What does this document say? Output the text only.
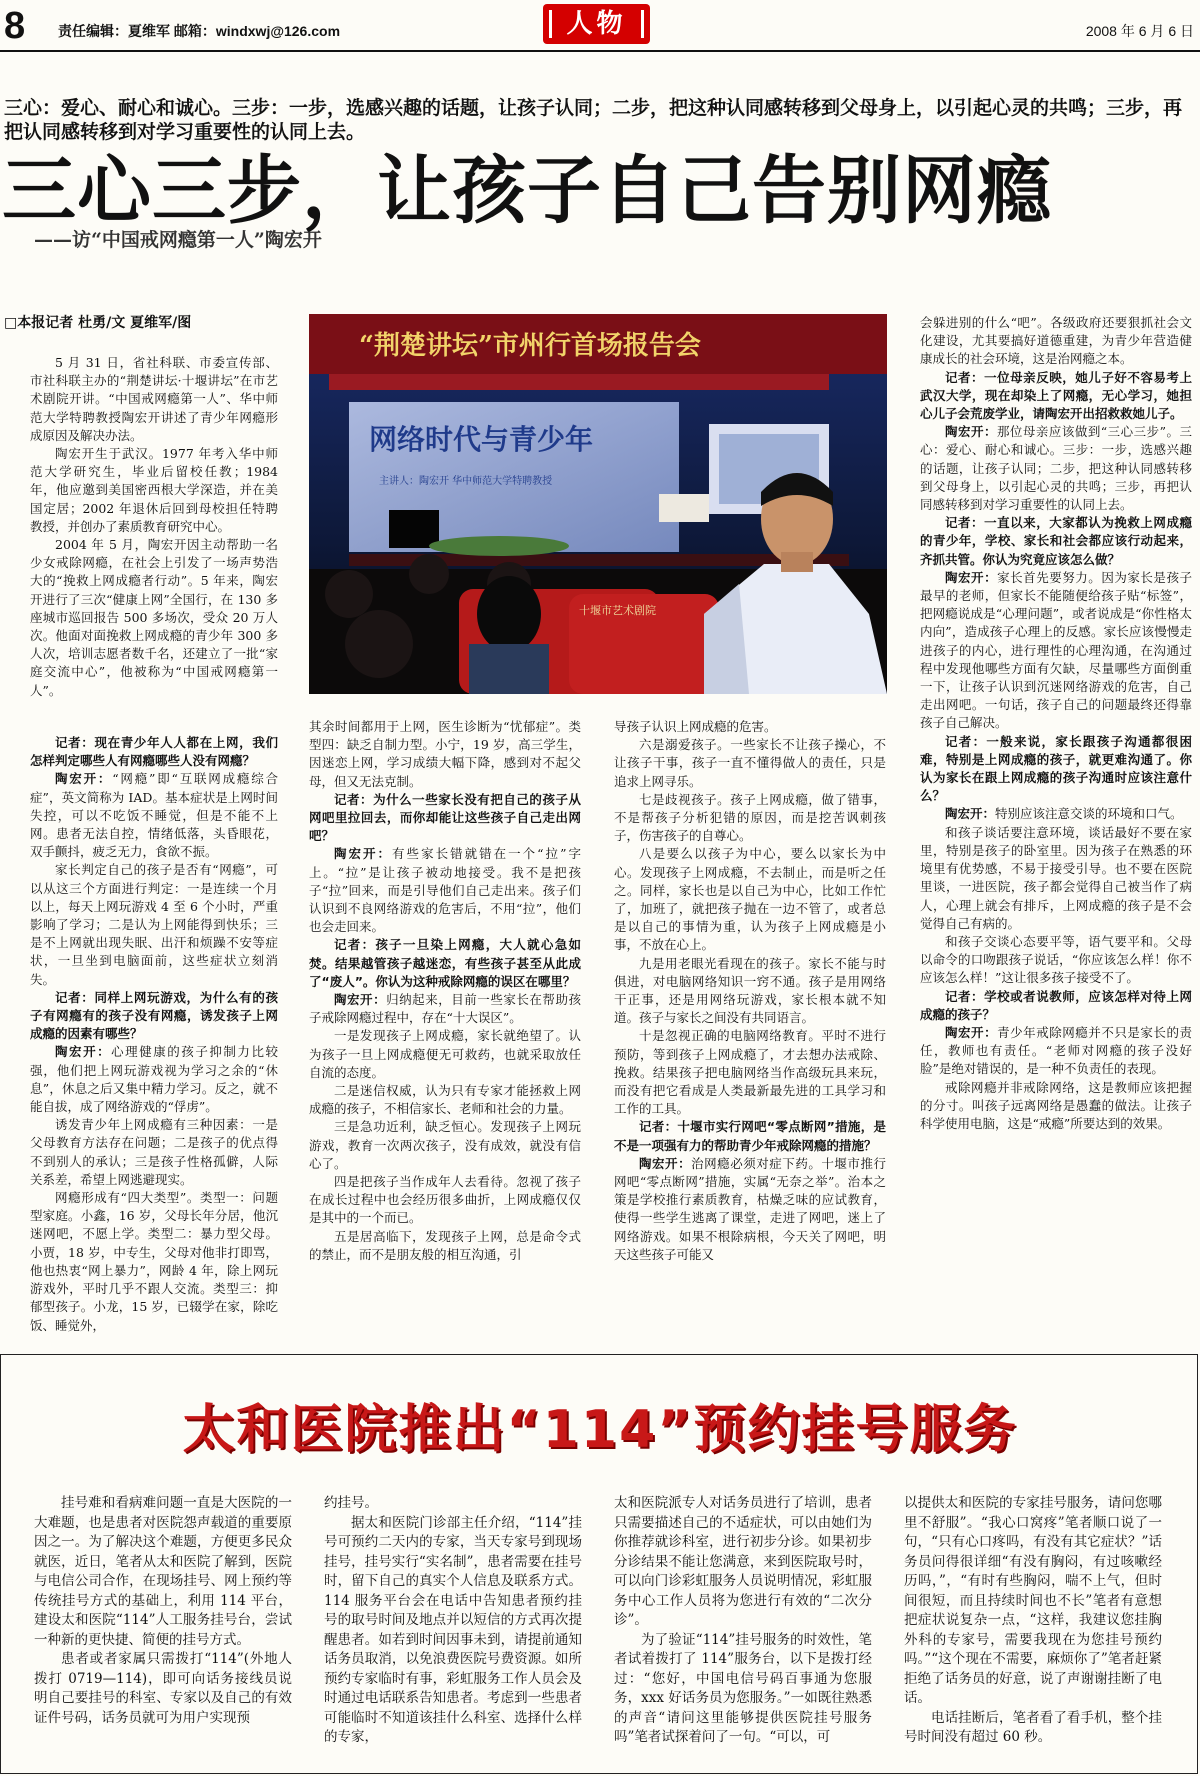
8 责任编辑：夏维军 邮箱：windxwj@126.com	人物	2008 年 6 月 6 日
三心：爱心、耐心和诚心。三步：一步，选感兴趣的话题，让孩子认同；二步，把这种认同感转移到父母身上，以引起心灵的共鸣；三步，再把认同感转移到对学习重要性的认同上去。
三心三步，让孩子自己告别网瘾
——访“中国戒网瘾第一人”陶宏开
□本报记者 杜勇/文 夏维军/图
“荆楚讲坛”市州行首场报告会
网络时代与青少年
主讲人：陶宏开 华中师范大学特聘教授
十堰市艺术剧院

5 月 31 日，省社科联、市委宣传部、市社科联主办的“荆楚讲坛·十堰讲坛”在市艺术剧院开讲。“中国戒网瘾第一人”、华中师范大学特聘教授陶宏开讲述了青少年网瘾形成原因及解决办法。

陶宏开生于武汉。1977 年考入华中师范大学研究生，毕业后留校任教；1984 年，他应邀到美国密西根大学深造，并在美国定居；2002 年退休后回到母校担任特聘教授，并创办了素质教育研究中心。

2004 年 5 月，陶宏开因主动帮助一名少女戒除网瘾，在社会上引发了一场声势浩大的“挽救上网成瘾者行动”。5 年来，陶宏开进行了三次“健康上网”全国行，在 130 多座城市巡回报告 500 多场次，受众 20 万人次。他面对面挽救上网成瘾的青少年 300 多人次，培训志愿者数千名，还建立了一批“家庭交流中心”，他被称为“中国戒网瘾第一人”。

记者：现在青少年人人都在上网，我们怎样判定哪些人有网瘾哪些人没有网瘾？

陶宏开：“网瘾”即“互联网成瘾综合症”，英文简称为 IAD。基本症状是上网时间失控，可以不吃饭不睡觉，但是不能不上网。患者无法自控，情绪低落，头昏眼花，双手颤抖，疲乏无力，食欲不振。

家长判定自己的孩子是否有“网瘾”，可以从这三个方面进行判定：一是连续一个月以上，每天上网玩游戏 4 至 6 个小时，严重影响了学习；二是认为上网能得到快乐；三是不上网就出现失眠、出汗和烦躁不安等症状，一旦坐到电脑面前，这些症状立刻消失。

记者：同样上网玩游戏，为什么有的孩子有网瘾有的孩子没有网瘾，诱发孩子上网成瘾的因素有哪些？

陶宏开：心理健康的孩子抑制力比较强，他们把上网玩游戏视为学习之余的“休息”，休息之后又集中精力学习。反之，就不能自拔，成了网络游戏的“俘虏”。

诱发青少年上网成瘾有三种因素：一是父母教育方法存在问题；二是孩子的优点得不到别人的承认；三是孩子性格孤僻，人际关系差，希望上网逃避现实。

网瘾形成有“四大类型”。类型一：问题型家庭。小鑫，16 岁，父母长年分居，他沉迷网吧，不愿上学。类型二：暴力型父母。小贾，18 岁，中专生，父母对他非打即骂，他也热衷“网上暴力”，网龄 4 年，除上网玩游戏外，平时几乎不跟人交流。类型三：抑郁型孩子。小龙，15 岁，已辍学在家，除吃饭、睡觉外，

其余时间都用于上网，医生诊断为“忧郁症”。类型四：缺乏自制力型。小宁，19 岁，高三学生，因迷恋上网，学习成绩大幅下降，感到对不起父母，但又无法克制。

记者：为什么一些家长没有把自己的孩子从网吧里拉回去，而你却能让这些孩子自己走出网吧？

陶宏开：有些家长错就错在一个“拉”字上。“拉”是让孩子被动地接受。我不是把孩子“拉”回来，而是引导他们自己走出来。孩子们认识到不良网络游戏的危害后，不用“拉”，他们也会走回来。

记者：孩子一旦染上网瘾，大人就心急如焚。结果越管孩子越迷恋，有些孩子甚至从此成了“废人”。你认为这种戒除网瘾的误区在哪里？

陶宏开：归纳起来，目前一些家长在帮助孩子戒除网瘾过程中，存在“十大误区”。

一是发现孩子上网成瘾，家长就绝望了。认为孩子一旦上网成瘾便无可救药，也就采取放任自流的态度。

二是迷信权威，认为只有专家才能拯救上网成瘾的孩子，不相信家长、老师和社会的力量。

三是急功近利，缺乏恒心。发现孩子上网玩游戏，教育一次两次孩子，没有成效，就没有信心了。

四是把孩子当作成年人去看待。忽视了孩子在成长过程中也会经历很多曲折，上网成瘾仅仅是其中的一个而已。

五是居高临下，发现孩子上网，总是命令式的禁止，而不是朋友般的相互沟通，引

导孩子认识上网成瘾的危害。

六是溺爱孩子。一些家长不让孩子操心，不让孩子干事，孩子一直不懂得做人的责任，只是追求上网寻乐。

七是歧视孩子。孩子上网成瘾，做了错事，不是帮孩子分析犯错的原因，而是挖苦讽刺孩子，伤害孩子的自尊心。

八是要么以孩子为中心，要么以家长为中心。发现孩子上网成瘾，不去制止，而是听之任之。同样，家长也是以自己为中心，比如工作忙了，加班了，就把孩子抛在一边不管了，或者总是以自己的事情为重，认为孩子上网成瘾是小事，不放在心上。

九是用老眼光看现在的孩子。家长不能与时俱进，对电脑网络知识一窍不通。孩子是用网络干正事，还是用网络玩游戏，家长根本就不知道。孩子与家长之间没有共同语言。

十是忽视正确的电脑网络教育。平时不进行预防，等到孩子上网成瘾了，才去想办法戒除、挽救。结果孩子把电脑网络当作高级玩具来玩，而没有把它看成是人类最新最先进的工具学习和工作的工具。

记者：十堰市实行网吧“零点断网”措施，是不是一项强有力的帮助青少年戒除网瘾的措施？

陶宏开：治网瘾必须对症下药。十堰市推行网吧“零点断网”措施，实属“无奈之举”。治本之策是学校推行素质教育，枯燥乏味的应试教育，使得一些学生逃离了课堂，走进了网吧，迷上了网络游戏。如果不根除病根，今天关了网吧，明天这些孩子可能又

会躲进别的什么“吧”。各级政府还要狠抓社会文化建设，尤其要搞好道德重建，为青少年营造健康成长的社会环境，这是治网瘾之本。

记者：一位母亲反映，她儿子好不容易考上武汉大学，现在却染上了网瘾，无心学习，她担心儿子会荒废学业，请陶宏开出招救救她儿子。

陶宏开：那位母亲应该做到“三心三步”。三心：爱心、耐心和诚心。三步：一步，选感兴趣的话题，让孩子认同；二步，把这种认同感转移到父母身上，以引起心灵的共鸣；三步，再把认同感转移到对学习重要性的认同上去。

记者：一直以来，大家都认为挽救上网成瘾的青少年，学校、家长和社会都应该行动起来，齐抓共管。你认为究竟应该怎么做？

陶宏开：家长首先要努力。因为家长是孩子最早的老师，但家长不能随便给孩子贴“标签”，把网瘾说成是“心理问题”，或者说成是“你性格太内向”，造成孩子心理上的反感。家长应该慢慢走进孩子的内心，进行理性的心理沟通，在沟通过程中发现他哪些方面有欠缺，尽量哪些方面倒重一下，让孩子认识到沉迷网络游戏的危害，自己走出网吧。一句话，孩子自己的问题最终还得靠孩子自己解决。

记者：一般来说，家长跟孩子沟通都很困难，特别是上网成瘾的孩子，就更难沟通了。你认为家长在跟上网成瘾的孩子沟通时应该注意什么？

陶宏开：特别应该注意交谈的环境和口气。

和孩子谈话要注意环境，谈话最好不要在家里，特别是孩子的卧室里。因为孩子在熟悉的环境里有优势感，不易于接受引导。也不要在医院里谈，一进医院，孩子都会觉得自己被当作了病人，心理上就会有排斥，上网成瘾的孩子是不会觉得自己有病的。

和孩子交谈心态要平等，语气要平和。父母以命令的口吻跟孩子说话，“你应该怎么样！你不应该怎么样！”这让很多孩子接受不了。

记者：学校或者说教师，应该怎样对待上网成瘾的孩子？

陶宏开：青少年戒除网瘾并不只是家长的责任，教师也有责任。“老师对网瘾的孩子没好脸”是绝对错误的，是一种不负责任的表现。

戒除网瘾并非戒除网络，这是教师应该把握的分寸。叫孩子远离网络是愚蠢的做法。让孩子科学使用电脑，这是“戒瘾”所要达到的效果。

太和医院推出“114”预约挂号服务

挂号难和看病难问题一直是大医院的一大难题，也是患者对医院怨声载道的重要原因之一。为了解决这个难题，方便更多民众就医，近日，笔者从太和医院了解到，医院与电信公司合作，在现场挂号、网上预约等传统挂号方式的基础上，利用 114 平台，建设太和医院“114”人工服务挂号台，尝试一种新的更快捷、简便的挂号方式。

患者或者家属只需拨打“114”(外地人拨打 0719—114)，即可向话务接线员说明自己要挂号的科室、专家以及自己的有效证件号码，话务员就可为用户实现预

约挂号。

据太和医院门诊部主任介绍，“114”挂号可预约二天内的专家，当天专家号到现场挂号，挂号实行“实名制”，患者需要在挂号时，留下自己的真实个人信息及联系方式。114 服务平台会在电话中告知患者预约挂号的取号时间及地点并以短信的方式再次提醒患者。如若到时间因事未到，请提前通知话务员取消，以免浪费医院号费资源。如所预约专家临时有事，彩虹服务工作人员会及时通过电话联系告知患者。考虑到一些患者可能临时不知道该挂什么科室、选择什么样的专家，

太和医院派专人对话务员进行了培训，患者只需要描述自己的不适症状，可以由她们为你推荐就诊科室，进行初步分诊。如果初步分诊结果不能让您满意，来到医院取号时，可以向门诊彩虹服务人员说明情况，彩虹服务中心工作人员将为您进行有效的“二次分诊”。

为了验证“114”挂号服务的时效性，笔者试着拨打了 114”服务台，以下是拨打经过：“您好，中国电信号码百事通为您服务，xxx 好话务员为您服务。”一如既往熟悉的声音“请问这里能够提供医院挂号服务吗”笔者试探着问了一句。“可以，可

以提供太和医院的专家挂号服务，请问您哪里不舒服”。“我心口窝疼”笔者顺口说了一句，“只有心口疼吗，有没有其它症状？”话务员问得很详细“有没有胸闷，有过咳嗽经历吗，”，“有时有些胸闷，喘不上气，但时间很短，而且持续时间也不长”笔者有意想把症状说复杂一点，“这样，我建议您挂胸外科的专家号，需要我现在为您挂号预约吗。”“这个现在不需要，麻烦你了”笔者赶紧拒绝了话务员的好意，说了声谢谢挂断了电话。

电话挂断后，笔者看了看手机，整个挂号时间没有超过 60 秒。
